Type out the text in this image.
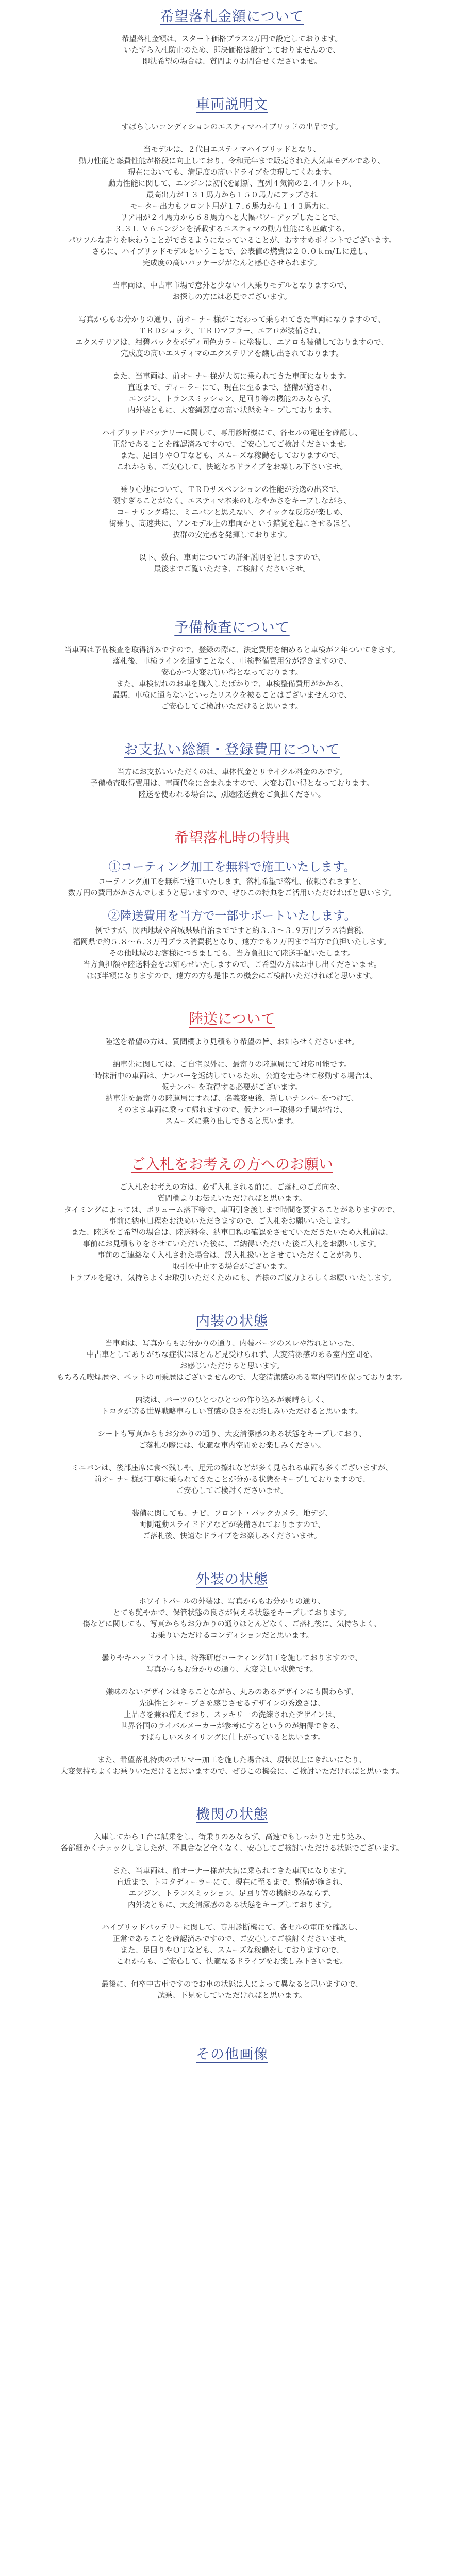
希望落札金額について

希望落札金額は、スタート価格プラス2万円で設定しております。
いたずら入札防止のため、即決価格は設定しておりませんので、
即決希望の場合は、質問よりお問合せくださいませ。

車両説明文

すばらしいコンディションのエスティマハイブリッドの出品です。

当モデルは、２代目エスティマハイブリッドとなり、
動力性能と燃費性能が格段に向上しており、令和元年まで販売された人気車モデルであり、
現在においても、満足度の高いドライブを実現してくれます。
動力性能に関して、エンジンは初代を刷新、直列４気筒の２.４リットル、
最高出力が１３１馬力から１５０馬力にアップされ
モーター出力もフロント用が１７.６馬力から１４３馬力に、
リア用が２４馬力から６８馬力へと大幅パワーアップしたことで、
３.３Ｌ Ｖ６エンジンを搭載するエスティマの動力性能にも匹敵する、
パワフルな走りを味わうことができるようになっていることが、おすすめポイントでございます。
さらに、ハイブリッドモデルということで、公表値の燃費は２０.０ｋｍ/Ｌに達し、
完成度の高いパッケージがなんと感心させられます。

当車両は、中古車市場で意外と少ない４人乗りモデルとなりますので、
お探しの方には必見でございます。

写真からもお分かりの通り、前オーナー様がこだわって乗られてきた車両になりますので、
ＴＲＤショック、ＴＲＤマフラー、エアロが装備され、
エクステリアは、紺碧バックをボディ同色カラーに塗装し、エアロも装備しておりますので、
完成度の高いエスティマのエクステリアを醸し出されております。

また、当車両は、前オーナー様が大切に乗られてきた車両になります。
直近まで、ディーラーにて、現在に至るまで、整備が施され、
エンジン、トランスミッション、足回り等の機能のみならず、
内外装ともに、大変綺麗度の高い状態をキープしております。

ハイブリッドバッテリーに関して、専用診断機にて、各セルの電圧を確認し、
正常であることを確認済みですので、ご安心してご検討くださいませ。
また、足回りやＯＴなども、スムーズな稼働をしておりますので、
これからも、ご安心して、快適なるドライブをお楽しみ下さいませ。

乗り心地について、ＴＲＤサスペンションの性能が秀逸の出来で、
硬すぎることがなく、エスティマ本来のしなやかさをキープしながら、
コーナリング時に、ミニバンと思えない、クイックな反応が楽しめ、
街乗り、高速共に、ワンモデル上の車両かという錯覚を起こさせるほど、
抜群の安定感を発揮しております。

以下、数台、車両についての詳細説明を記しますので、
最後までご覧いただき、ご検討くださいませ。

予備検査について

当車両は予備検査を取得済みですので、登録の際に、法定費用を納めると車検が２年ついてきます。
落札後、車検ラインを通すことなく、車検整備費用分が浮きますので、
安心かつ大変お買い得となっております。
また、車検切れのお車を購入したばかりで、車検整備費用がかかる、
最悪、車検に通らないといったリスクを被ることはございませんので、
ご安心してご検討いただけると思います。

お支払い総額・登録費用について

当方にお支払いいただくのは、車体代金とリサイクル料金のみです。
予備検査取得費用は、車両代金に含まれますので、大変お買い得となっております。
陸送を使われる場合は、別途陸送費をご負担ください。

希望落札時の特典
①コーティング加工を無料で施工いたします。

コーティング加工を無料で施工いたします。落札希望で落札、依頼されますと、
数万円の費用がかさんでしまうと思いますので、ぜひこの特典をご活用いただければと思います。

②陸送費用を当方で一部サポートいたします。

例ですが、関西地域や首城県県自治までですと約３.３〜３.９万円プラス消費税、
福岡県で約５.８〜６.３万円プラス消費税となり、遠方でも２万円まで当方で負担いたします。
その他地域のお客様につきましても、当方負担にて陸送手配いたします。
当方負担額や陸送料金をお知らせいたしますので、ご希望の方はお申し出くださいませ。
ほぼ半額になりますので、遠方の方も是非この機会にご検討いただければと思います。

陸送について

陸送を希望の方は、質問欄より見積もり希望の旨、お知らせくださいませ。

納車先に関しては、ご自宅以外に、最寄りの陸運局にて対応可能です。
一時抹消中の車両は、ナンバーを返納しているため、公道を走らせて移動する場合は、
仮ナンバーを取得する必要がございます。
納車先を最寄りの陸運局にすれば、名義変更後、新しいナンバーをつけて、
そのまま車両に乗って帰れますので、仮ナンバー取得の手間が省け、
スムーズに乗り出しできると思います。

ご入札をお考えの方へのお願い

ご入札をお考えの方は、必ず入札される前に、ご落札のご意向を、
質問欄よりお伝えいただければと思います。
タイミングによっては、ボリューム落下等で、車両引き渡しまで時間を要することがありますので、
事前に納車日程をお決めいただきますので、ご入札をお願いいたします。
また、陸送をご希望の場合は、陸送料金、納車日程の確認をさせていただきたいため入札前は、
事前にお見積もりをさせていただいた後に、ご納得いただいた後ご入札をお願いします。
事前のご連絡なく入札された場合は、誤入札扱いとさせていただくことがあり、
取引を中止する場合がございます。
トラブルを避け、気持ちよくお取引いただくためにも、皆様のご協力よろしくお願いいたします。

内装の状態

当車両は、写真からもお分かりの通り、内装パーツのスレや汚れといった、
中古車としてありがちな症状はほとんど見受けられず、大変清潔感のある室内空間を、
お感じいただけると思います。
もちろん喫煙歴や、ペットの同乗歴はございませんので、大変清潔感のある室内空間を保っております。

内装は、パーツのひとつひとつの作り込みが素晴らしく、
トヨタが誇る世界戦略車らしい質感の良さをお楽しみいただけると思います。

シートも写真からもお分かりの通り、大変清潔感のある状態をキープしており、
ご落札の際には、快適な車内空間をお楽しみください。

ミニバンは、後部座席に食べ残しや、足元の擦れなどが多く見られる車両も多くございますが、
前オーナー様が丁寧に乗られてきたことが分かる状態をキープしておりますので、
ご安心してご検討くださいませ。

装備に関しても、ナビ、フロント・バックカメラ、地デジ、
両側電動スライドドアなどが装備されておりますので、
ご落札後、快適なドライブをお楽しみくださいませ。

外装の状態

ホワイトパールの外装は、写真からもお分かりの通り、
とても艶やかで、保管状態の良さが伺える状態をキープしております。
傷などに関しても、写真からもお分かりの通りほとんどなく、ご落札後に、気持ちよく、
お乗りいただけるコンディションだと思います。

曇りやキハッドライトは、特殊研磨コーティング加工を施しておりますので、
写真からもお分かりの通り、大変美しい状態です。

嫌味のないデザインはきることながら、丸みのあるデザインにも関わらず、
先進性とシャープさを感じさせるデザインの秀逸さは、
上品さを兼ね備えており、スッキリ一の洗練されたデザインは、
世界各国のライバルメーカーが参考にするというのが納得できる、
すばらしいスタイリングに仕上がっていると思います。

また、希望落札特典のポリマー加工を施した場合は、現状以上にきれいになり、
大変気持ちよくお乗りいただけると思いますので、ぜひこの機会に、ご検討いただければと思います。

機関の状態

入庫してから１台に試乗をし、街乗りのみならず、高速でもしっかりと走り込み、
各部細かくチェックしましたが、不具合など全くなく、安心してご検討いただける状態でございます。

また、当車両は、前オーナー様が大切に乗られてきた車両になります。
直近まで、トヨタディーラーにて、現在に至るまで、整備が施され、
エンジン、トランスミッション、足回り等の機能のみならず、
内外装ともに、大変清潔感のある状態をキープしております。

ハイブリッドバッテリーに関して、専用診断機にて、各セルの電圧を確認し、
正常であることを確認済みですので、ご安心してご検討くださいませ。
また、足回りやＯＴなども、スムーズな稼働をしておりますので、
これからも、ご安心して、快適なるドライブをお楽しみ下さいませ。

最後に、何卒中古車ですのでお車の状態は人によって異なると思いますので、
試乗、下見をしていただければと思います。

その他画像
